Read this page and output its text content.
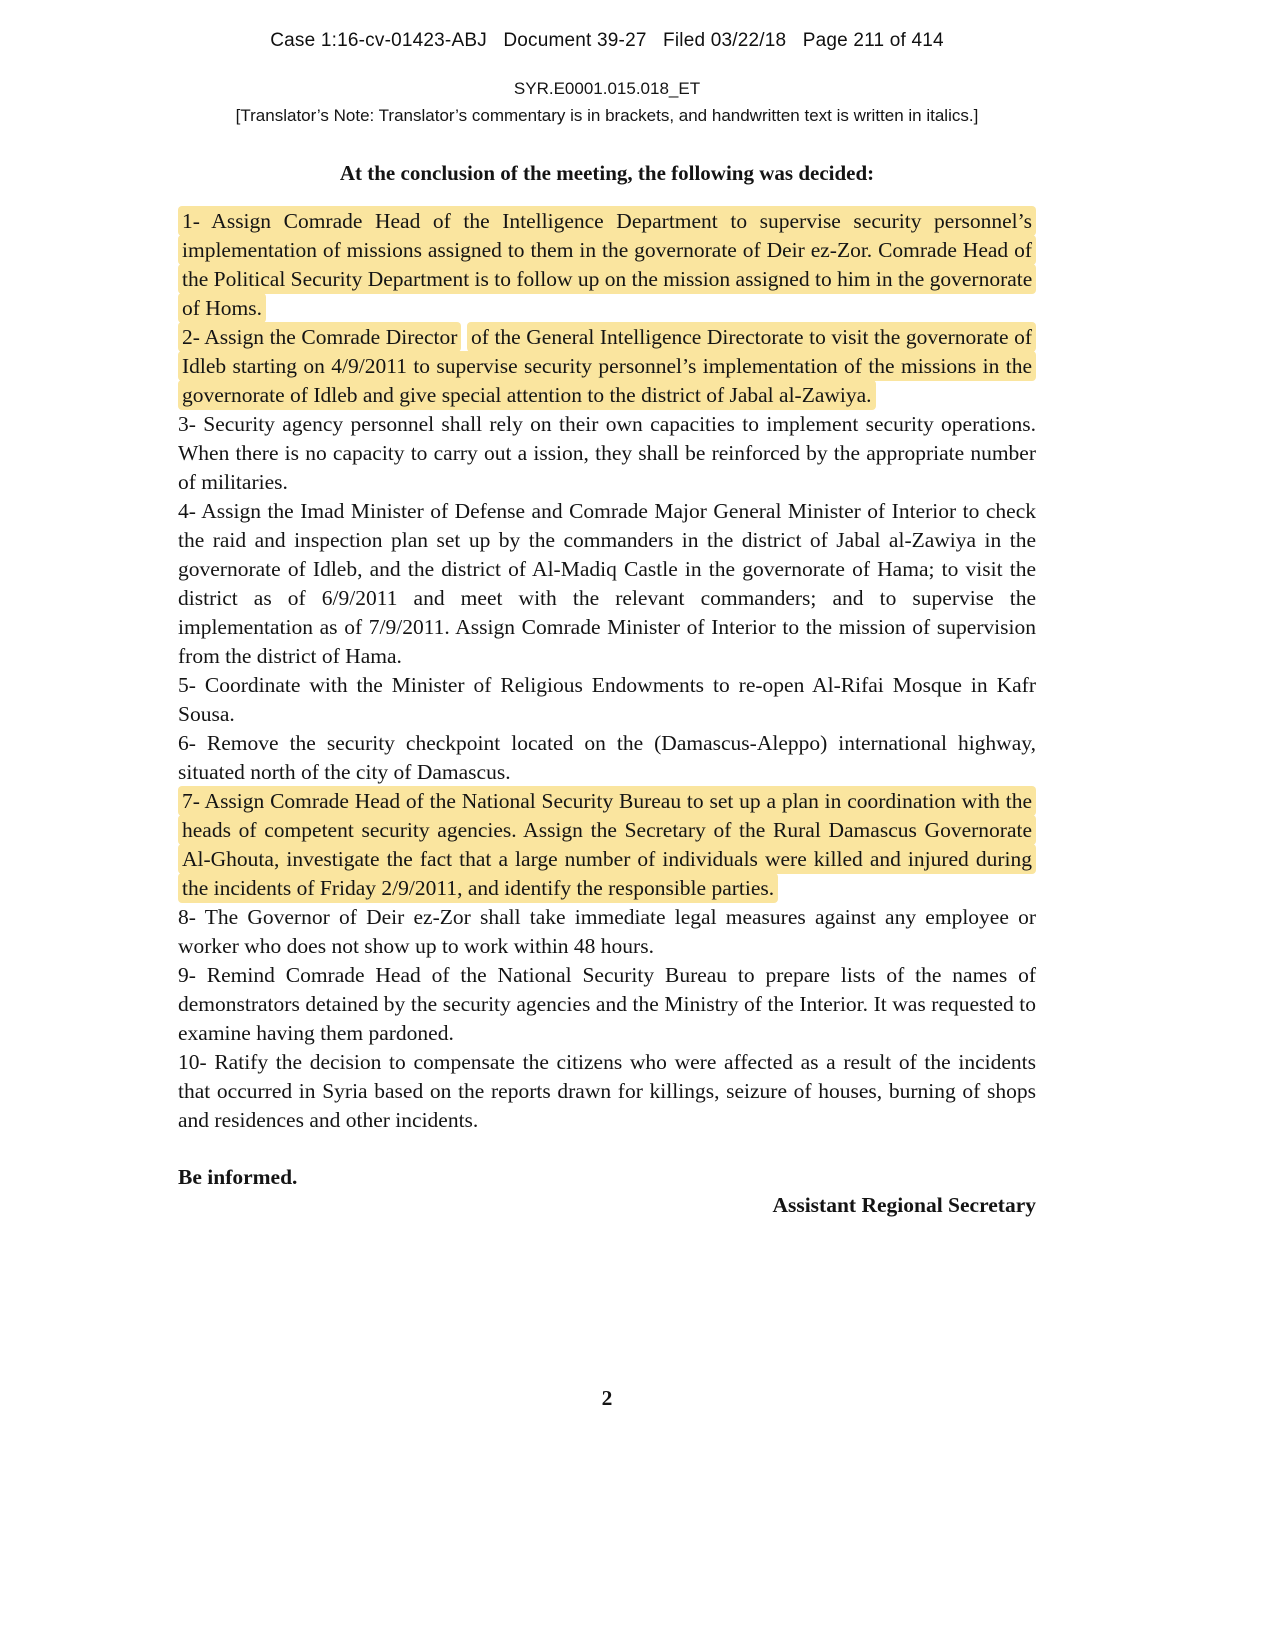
Case 1:16-cv-01423-ABJ   Document 39-27   Filed 03/22/18   Page 211 of 414
SYR.E0001.015.018_ET
[Translator’s Note: Translator’s commentary is in brackets, and handwritten text is written in italics.]
At the conclusion of the meeting, the following was decided:

1- Assign Comrade Head of the Intelligence Department to supervise security personnel’s implementation of missions assigned to them in the governorate of Deir ez-Zor. Comrade Head of the Political Security Department is to follow up on the mission assigned to him in the governorate of Homs.

2- Assign the Comrade Director of the General Intelligence Directorate to visit the governorate of Idleb starting on 4/9/2011 to supervise security personnel’s implementation of the missions in the governorate of Idleb and give special attention to the district of Jabal al-Zawiya.

3- Security agency personnel shall rely on their own capacities to implement security operations. When there is no capacity to carry out a ission, they shall be reinforced by the appropriate number of militaries.

4- Assign the Imad Minister of Defense and Comrade Major General Minister of Interior to check the raid and inspection plan set up by the commanders in the district of Jabal al-Zawiya in the governorate of Idleb, and the district of Al-Madiq Castle in the governorate of Hama; to visit the district as of 6/9/2011 and meet with the relevant commanders; and to supervise the implementation as of 7/9/2011. Assign Comrade Minister of Interior to the mission of supervision from the district of Hama.

5- Coordinate with the Minister of Religious Endowments to re-open Al-Rifai Mosque in Kafr Sousa.

6- Remove the security checkpoint located on the (Damascus-Aleppo) international highway, situated north of the city of Damascus.

7- Assign Comrade Head of the National Security Bureau to set up a plan in coordination with the heads of competent security agencies. Assign the Secretary of the Rural Damascus Governorate Al-Ghouta, investigate the fact that a large number of individuals were killed and injured during the incidents of Friday 2/9/2011, and identify the responsible parties.

8- The Governor of Deir ez-Zor shall take immediate legal measures against any employee or worker who does not show up to work within 48 hours.

9- Remind Comrade Head of the National Security Bureau to prepare lists of the names of demonstrators detained by the security agencies and the Ministry of the Interior. It was requested to examine having them pardoned.

10- Ratify the decision to compensate the citizens who were affected as a result of the incidents that occurred in Syria based on the reports drawn for killings, seizure of houses, burning of shops and residences and other incidents.

Be informed.
Assistant Regional Secretary
2
